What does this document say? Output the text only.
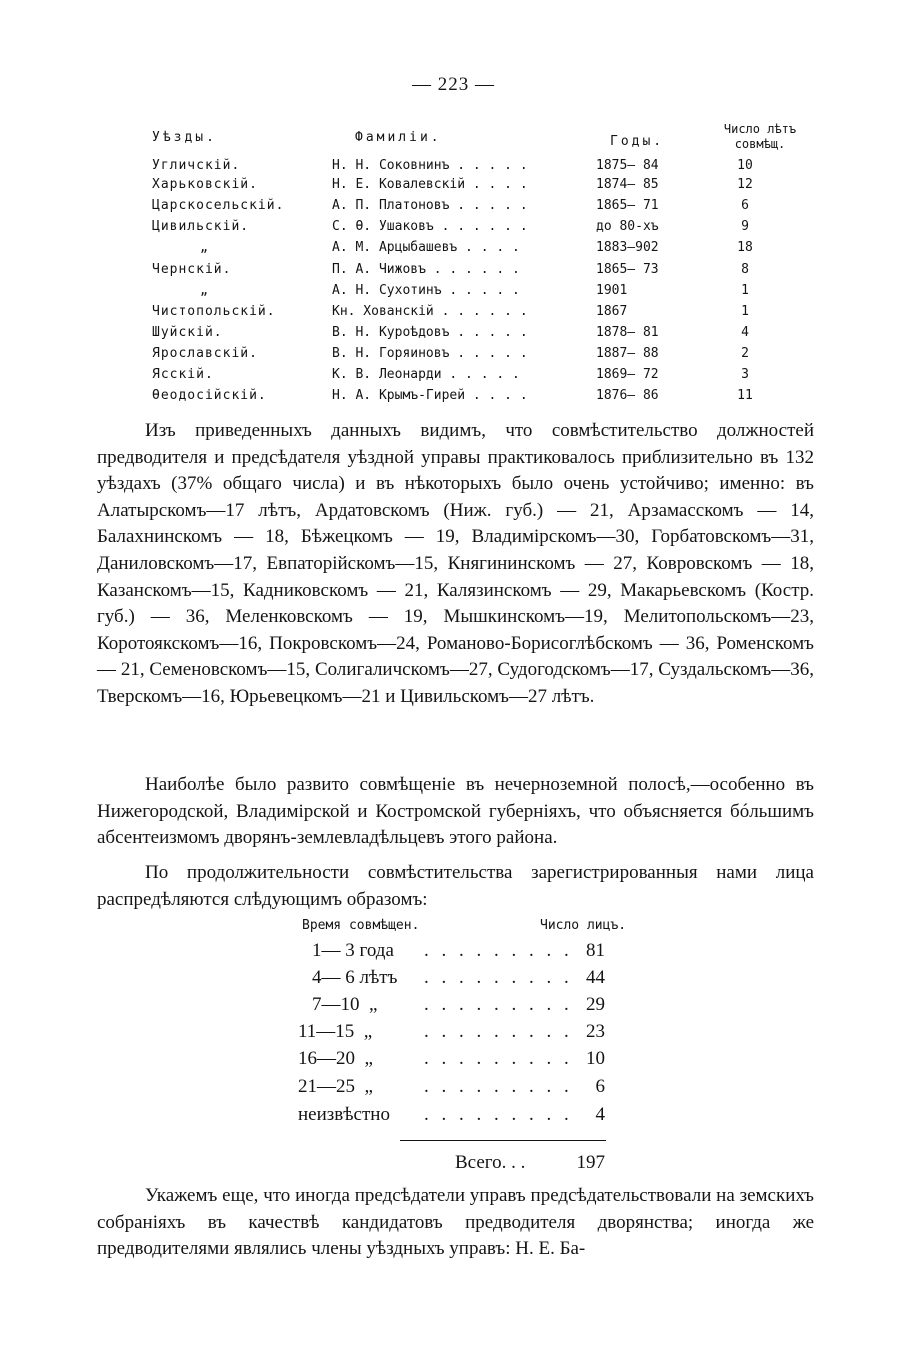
— 223 —
Уѣзды.	Фамиліи.	Годы.
Число лѣтъ
совмѣщ.
Угличскій.	Н. Н. Соковнинъ . . . . .	1875— 84	10
Харьковскій.	Н. Е. Ковалевскій . . . .	1874— 85	12
Царскосельскій.	А. П. Платоновъ . . . . .	1865— 71	6
Цивильскій.	С. Ѳ. Ушаковъ . . . . . .	до 80-хъ	9
„	А. М. Арцыбашевъ . . . .	1883—902	18
Чернскій.	П. А. Чижовъ . . . . . .	1865— 73	8
„	А. Н. Сухотинъ . . . . .	1901	1
Чистопольскій.	Кн. Хованскій . . . . . .	1867	1
Шуйскій.	В. Н. Куроѣдовъ . . . . .	1878— 81	4
Ярославскій.	В. Н. Горяиновъ . . . . .	1887— 88	2
Ясскій.	К. В. Леонарди . . . . .	1869— 72	3
Ѳеодосійскій.	Н. А. Крымъ-Гирей . . . .	1876— 86	11
Изъ приведенныхъ данныхъ видимъ, что совмѣстительство должностей предводителя и предсѣдателя уѣздной управы практиковалось приблизительно въ 132 уѣздахъ (37% общаго числа) и въ нѣкоторыхъ было очень устойчиво; именно: въ Алатырскомъ—17 лѣтъ, Ардатовскомъ (Ниж. губ.) — 21, Арзамасскомъ — 14, Балахнинскомъ — 18, Бѣжецкомъ — 19, Владимірскомъ—30, Горбатовскомъ—31, Даниловскомъ—17, Евпаторійскомъ—15, Княгининскомъ — 27, Ковровскомъ — 18, Казанскомъ—15, Кадниковскомъ — 21, Калязинскомъ — 29, Макарьевскомъ (Костр. губ.) — 36, Меленковскомъ — 19, Мышкинскомъ—19, Мелитопольскомъ—23, Коротоякскомъ—16, Покровскомъ—24, Романово-Борисоглѣбскомъ — 36, Роменскомъ — 21, Семеновскомъ—15, Солигаличскомъ—27, Судогодскомъ—17, Суздальскомъ—36, Тверскомъ—16, Юрьевецкомъ—21 и Цивильскомъ—27 лѣтъ.
Наиболѣе было развито совмѣщеніе въ нечерноземной полосѣ,—особенно въ Нижегородской, Владимірской и Костромской губерніяхъ, что объясняется бóльшимъ абсентеизмомъ дворянъ-землевладѣльцевъ этого района.
По продолжительности совмѣстительства зарегистрированныя нами лица распредѣляются слѣдующимъ образомъ:
Время совмѣщен.	Число лицъ.
1— 3 года	. . . . . . . . . 81
4— 6 лѣтъ	. . . . . . . . . 44
7—10  „	. . . . . . . . . 29
11—15  „	. . . . . . . . . 23
16—20  „	. . . . . . . . . 10
21—25  „	. . . . . . . . .	6
неизвѣстно	. . . . . . . . .	4
Всего. . .	197
Укажемъ еще, что иногда предсѣдатели управъ предсѣдательствовали на земскихъ собраніяхъ въ качествѣ кандидатовъ предводителя дворянства; иногда же предводителями являлись члены уѣздныхъ управъ: Н. Е. Ба-
